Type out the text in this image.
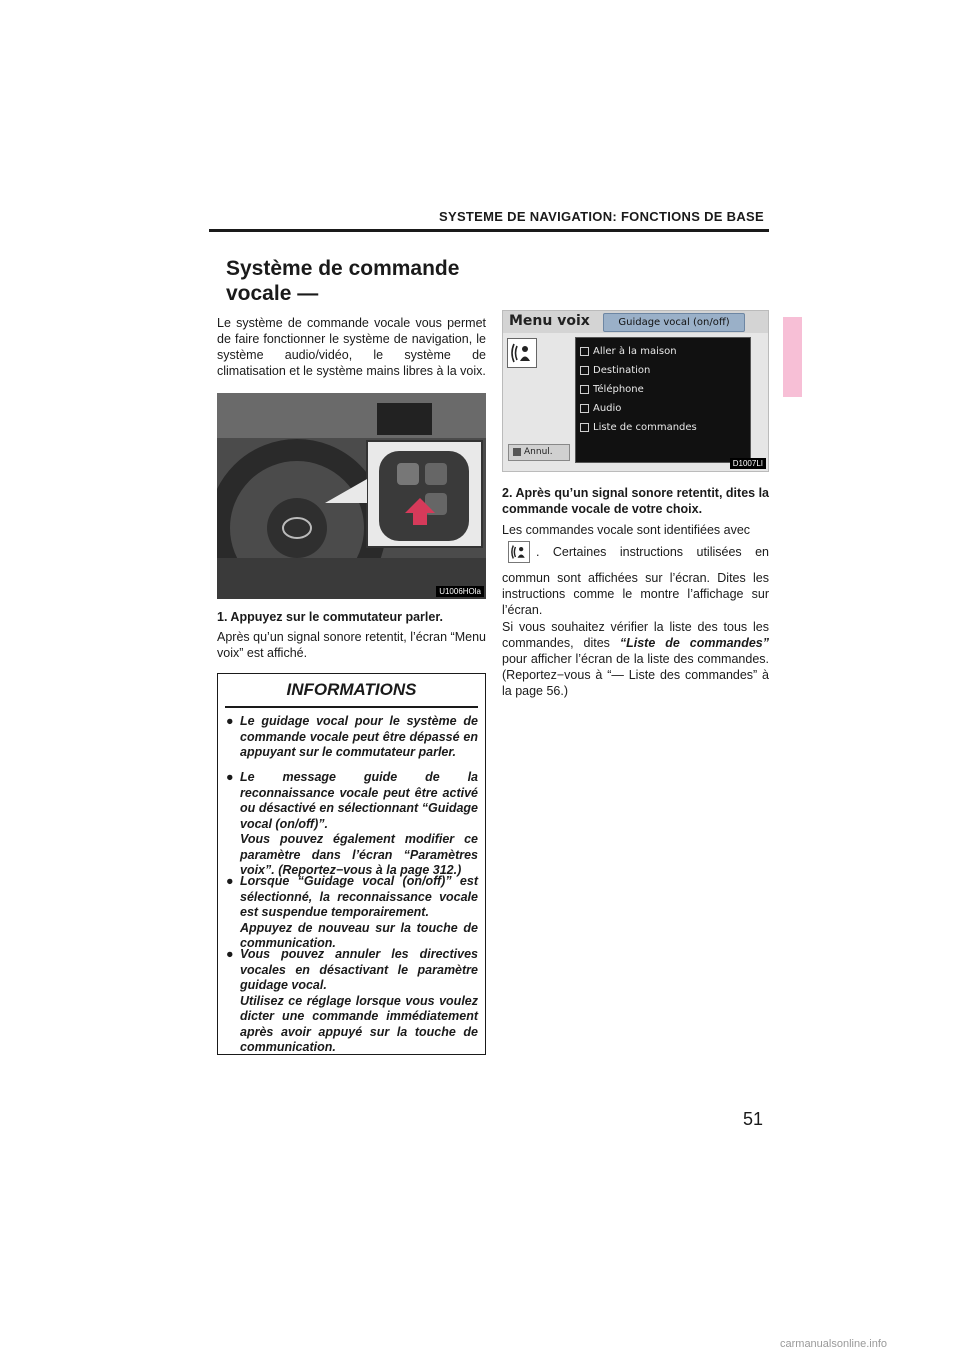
SYSTEME DE NAVIGATION: FONCTIONS DE BASE
Système de commande
vocale —

Le système de commande vocale vous permet de faire fonctionner le système de navigation, le système audio/vidéo, le système de climatisation et le système mains libres à la voix.

U1006HOla

1. Appuyez sur le commutateur parler.

Après qu’un signal sonore retentit, l’écran “Menu voix” est affiché.

INFORMATIONS
● Le guidage vocal pour le système de commande vocale peut être dépassé en appuyant sur le commutateur parler.
● Le message guide de la reconnaissance vocale peut être activé ou désactivé en sélectionnant “Guidage vocal (on/off)”.
Vous pouvez également modifier ce paramètre dans l’écran “Paramètres voix”. (Reportez−vous à la page 312.)
● Lorsque “Guidage vocal (on/off)” est sélectionné, la reconnaissance vocale est suspendue temporairement.
Appuyez de nouveau sur la touche de communication.
● Vous pouvez annuler les directives vocales en désactivant le paramètre guidage vocal.
Utilisez ce réglage lorsque vous voulez dicter une commande immédiatement après avoir appuyé sur la touche de communication.
Menu voix	Guidage vocal (on/off)
Aller à la maison
Destination
Téléphone
Audio
Liste de commandes
Annul.
D1007LI

2. Après qu’un signal sonore retentit, dites la commande vocale de votre choix.

Les commandes vocale sont identifiées avec

. Certaines instructions utilisées en

commun sont affichées sur l’écran. Dites les instructions comme le montre l’affichage sur l’écran.

Si vous souhaitez vérifier la liste des tous les commandes, dites “Liste de commandes” pour afficher l’écran de la liste des commandes. (Reportez−vous à “— Liste des commandes” à la page 56.)

51
carmanualsonline.info
